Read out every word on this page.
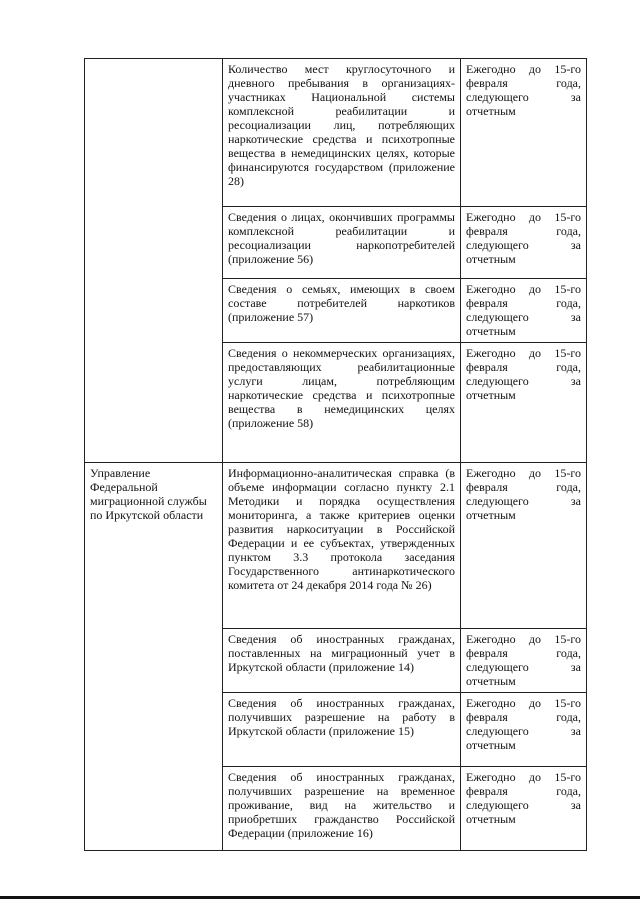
	Количество мест круглосуточного и дневного пребывания в организациях-участниках Национальной системы комплексной реабилитации и ресоциализации лиц, потребляющих наркотические средства и психотропные вещества в немедицинских целях, которые финансируются государством (приложение 28)	Ежегодно до 15-го февраля года, следующего за отчетным
	Сведения о лицах, окончивших программы комплексной реабилитации и ресоциализации наркопотребителей (приложение 56)	Ежегодно до 15-го февраля года, следующего за отчетным
	Сведения о семьях, имеющих в своем составе потребителей наркотиков (приложение 57)	Ежегодно до 15-го февраля года, следующего за отчетным
	Сведения о некоммерческих организациях, предоставляющих реабилитационные услуги лицам, потребляющим наркотические средства и психотропные вещества в немедицинских целях (приложение 58)	Ежегодно до 15-го февраля года, следующего за отчетным
Управление Федеральной миграционной службы по Иркутской области	Информационно-аналитическая справка (в объеме информации согласно пункту 2.1 Методики и порядка осуществления мониторинга, а также критериев оценки развития наркоситуации в Российской Федерации и ее субъектах, утвержденных пунктом 3.3 протокола заседания Государственного антинаркотического комитета от 24 декабря 2014 года № 26)	Ежегодно до 15-го февраля года, следующего за отчетным
	Сведения об иностранных гражданах, поставленных на миграционный учет в Иркутской области (приложение 14)	Ежегодно до 15-го февраля года, следующего за отчетным
	Сведения об иностранных гражданах, получивших разрешение на работу в Иркутской области (приложение 15)	Ежегодно до 15-го февраля года, следующего за отчетным
	Сведения об иностранных гражданах, получивших разрешение на временное проживание, вид на жительство и приобретших гражданство Российской Федерации (приложение 16)	Ежегодно до 15-го февраля года, следующего за отчетным
